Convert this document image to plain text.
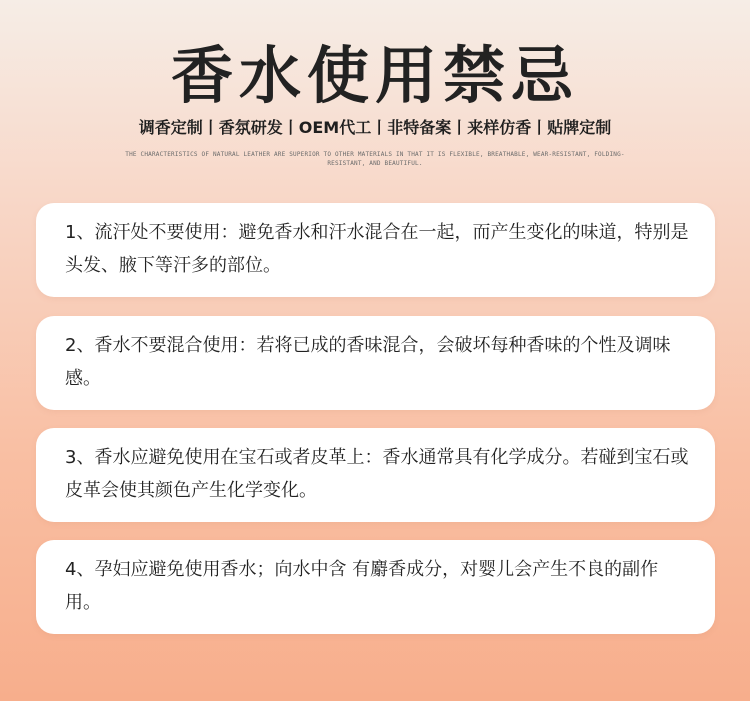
香水使用禁忌
调香定制丨香氛研发丨OEM代工丨非特备案丨来样仿香丨贴牌定制
THE CHARACTERISTICS OF NATURAL LEATHER ARE SUPERIOR TO OTHER MATERIALS IN THAT IT IS FLEXIBLE, BREATHABLE, WEAR-RESISTANT, FOLDING-RESISTANT, AND BEAUTIFUL.
1、流汗处不要使用：避免香水和汗水混合在一起，而产生变化的味道，特别是头发、腋下等汗多的部位。
2、香水不要混合使用：若将已成的香味混合，会破坏每种香味的个性及调味感。
3、香水应避免使用在宝石或者皮革上：香水通常具有化学成分。若碰到宝石或皮革会使其颜色产生化学变化。
4、孕妇应避免使用香水；向水中含 有麝香成分，对婴儿会产生不良的副作用。
